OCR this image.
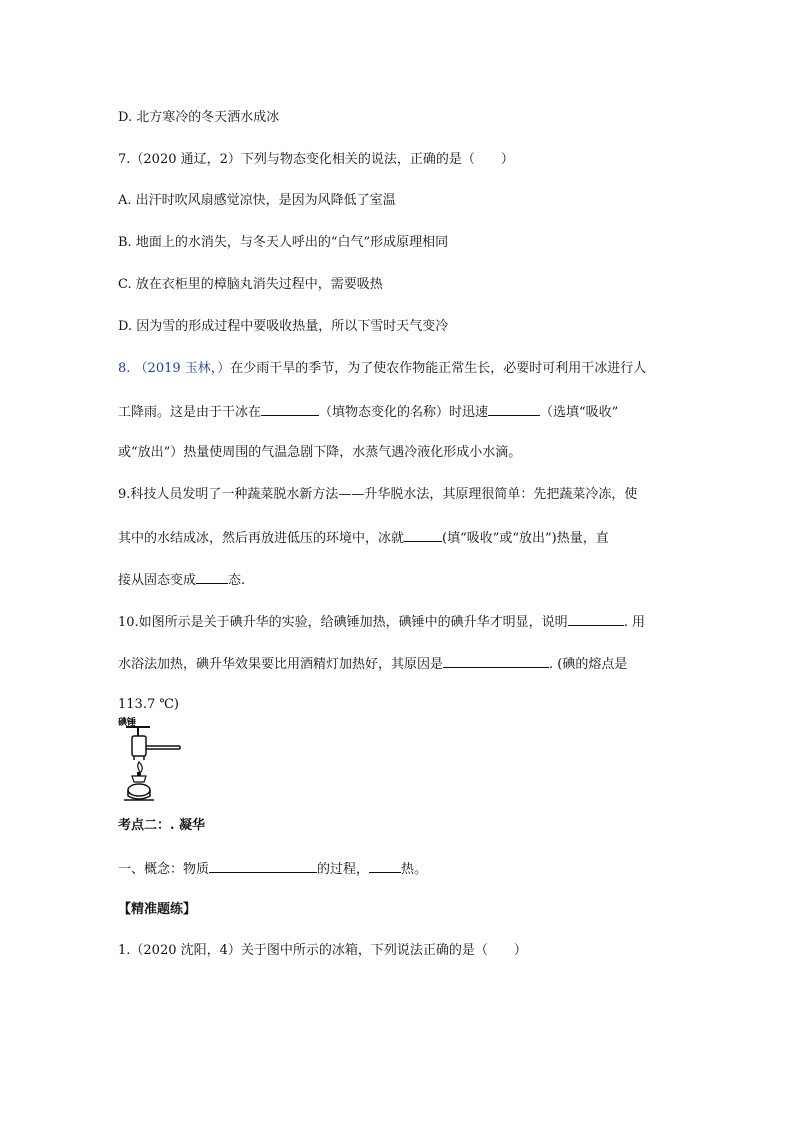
D. 北方寒冷的冬天洒水成冰
7.（2020 通辽，2）下列与物态变化相关的说法，正确的是（　　）
A. 出汗时吹风扇感觉凉快，是因为风降低了室温
B. 地面上的水消失，与冬天人呼出的“白气”形成原理相同
C. 放在衣柜里的樟脑丸消失过程中，需要吸热
D. 因为雪的形成过程中要吸收热量，所以下雪时天气变冷
8. （2019 玉林，）在少雨干旱的季节，为了使农作物能正常生长，必要时可利用干冰进行人
工降雨。这是由于干冰在	（填物态变化的名称）时迅速	（选填“吸收”
或“放出”）热量使周围的气温急剧下降，水蒸气遇冷液化形成小水滴。
9.科技人员发明了一种蔬菜脱水新方法——升华脱水法，其原理很简单：先把蔬菜冷冻，使
其中的水结成冰，然后再放进低压的环境中，冰就	(填“吸收”或“放出”)热量，直
接从固态变成 态.
10.如图所示是关于碘升华的实验，给碘锤加热，碘锤中的碘升华才明显，说明	. 用
水浴法加热，碘升华效果要比用酒精灯加热好，其原因是	. (碘的熔点是
113.7 ℃)
碘锤
考点二：. 凝华
一、概念：物质	的过程， 热。
【精准题练】
1.（2020 沈阳，4）关于图中所示的冰箱，下列说法正确的是（　　）
